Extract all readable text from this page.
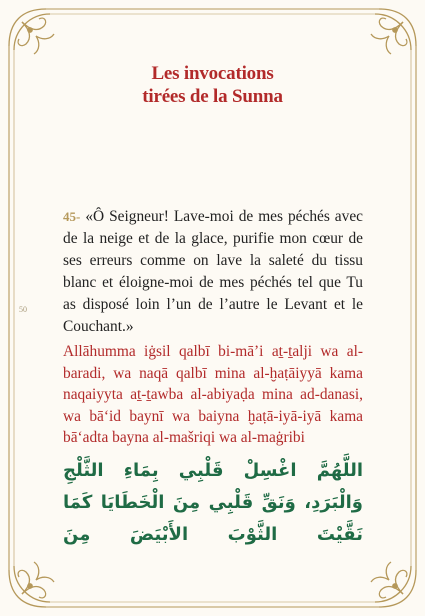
Les invocations
tirées de la Sunna
50

45- «Ô Seigneur! Lave-moi de mes péchés avec de la neige et de la glace, purifie mon cœur de ses erreurs comme on lave la saleté du tissu blanc et éloigne-moi de mes péchés tel que Tu as disposé loin l’un de l’autre le Levant et le Couchant.»

Allāhumma iġsil qalbī bi-mā’i aṯ-ṯalji wa al-baradi, wa naqā qalbī mina al-ḫaṭāiyyā kama naqaiyyta aṯ-ṯawba al-abiyaḍa mina ad-danasi, wa bā‘id baynī wa baiyna ḫaṭā-iyā-iyā kama bā‘adta bayna al-mašriqi wa al-maġribi

اللَّهُمَّ اغْسِلْ قَلْبِي بِمَاءِ الثَّلْجِ وَالْبَرَدِ، وَنَقِّ قَلْبِي مِنَ الْخَطَايَا كَمَا نَقَّيْتَ الثَّوْبَ الأَبْيَضَ مِنَ
